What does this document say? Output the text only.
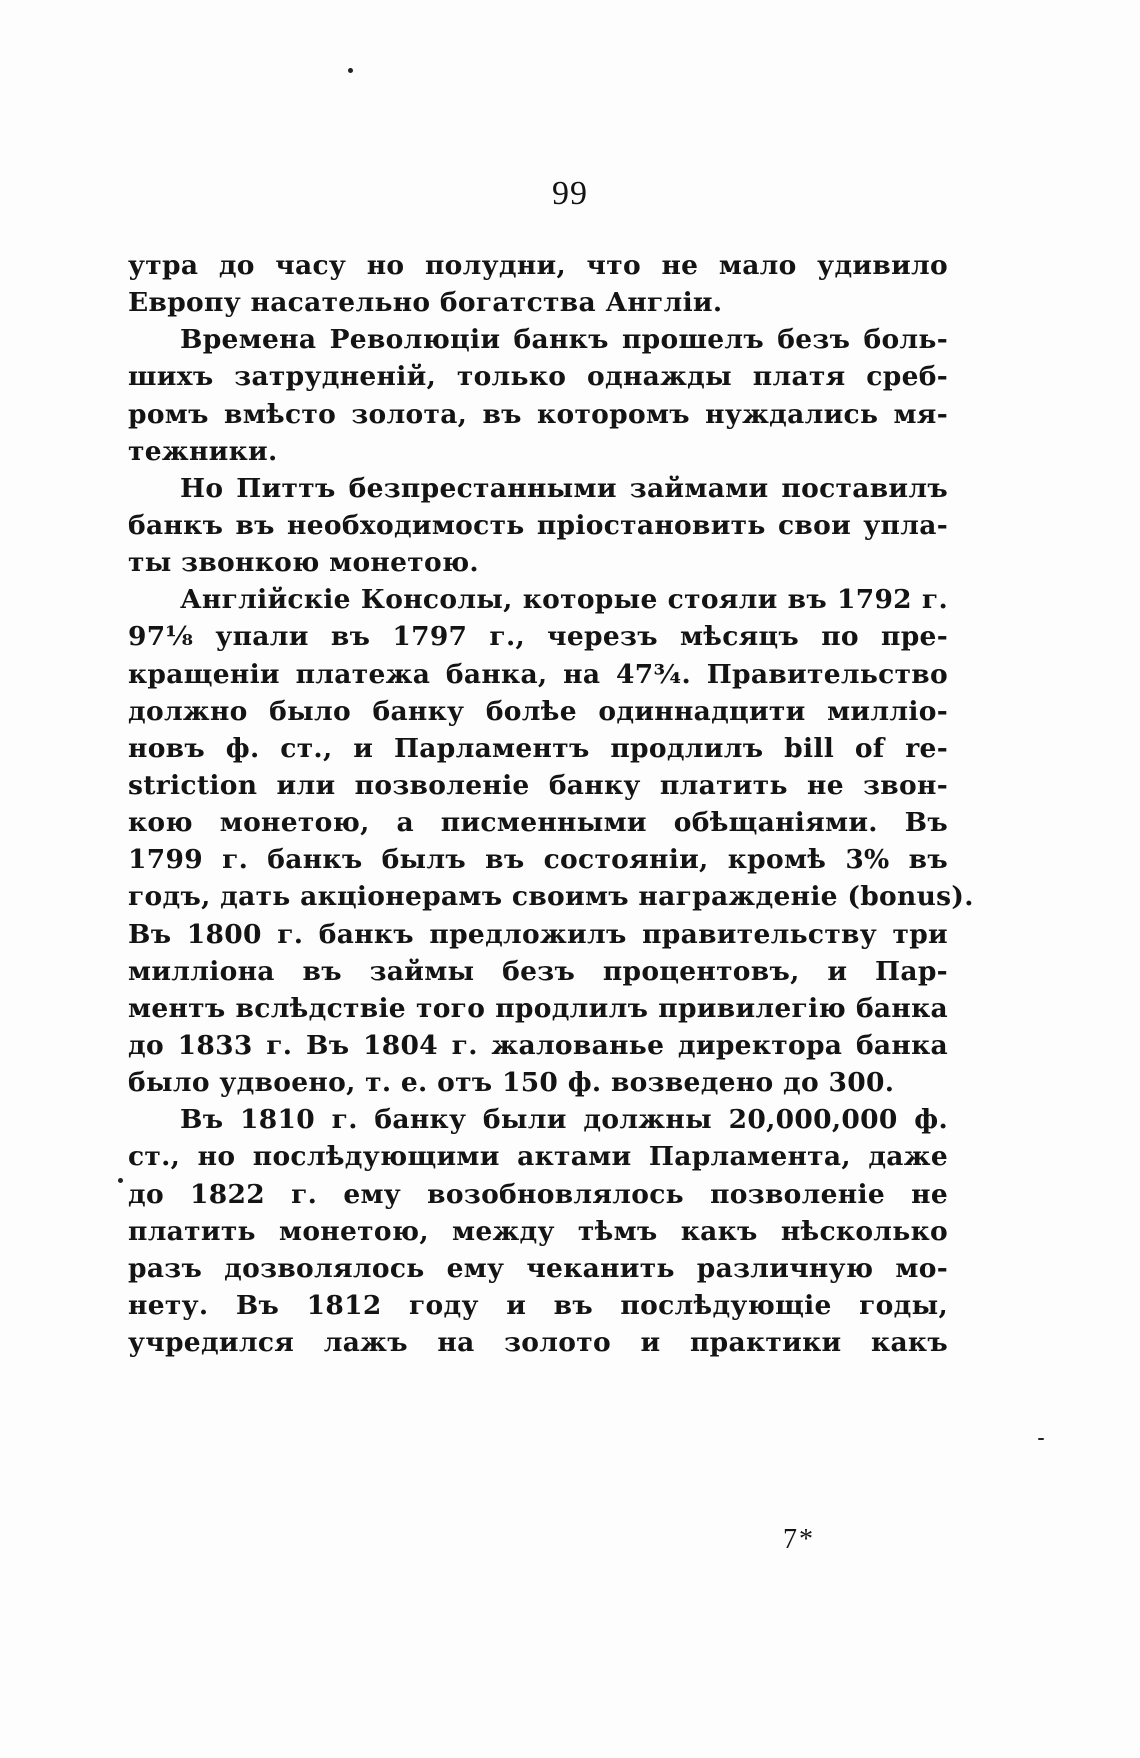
99
утра до часу но полудни, что не мало удивило
Европу насательно богатства Англіи.
Времена Революціи банкъ прошелъ безъ боль-
шихъ затрудненій, только однажды платя среб-
ромъ вмѣсто золота, въ которомъ нуждались мя-
тежники.
Но Питтъ безпрестанными займами поставилъ
банкъ въ необходимость пріостановить свои упла-
ты звонкою монетою.
Англійскіе Консолы, которые стояли въ 1792 г.
97⅛ упали въ 1797 г., черезъ мѣсяцъ по пре-
кращеніи платежа банка, на 47¾. Правительство
должно было банку болѣе одиннадцити милліо-
новъ ф. ст., и Парламентъ продлилъ bill of re-
striction или позволеніе банку платить не звон-
кою монетою, а писменными обѣщаніями. Въ
1799 г. банкъ былъ въ состояніи, кромѣ 3% въ
годъ, дать акціонерамъ своимъ награжденіе (bonus).
Въ 1800 г. банкъ предложилъ правительству три
милліона въ займы безъ процентовъ, и Пар-
ментъ вслѣдствіе того продлилъ привилегію банка
до 1833 г. Въ 1804 г. жалованье директора банка
было удвоено, т. е. отъ 150 ф. возведено до 300.
Въ 1810 г. банку были должны 20,000,000 ф.
ст., но послѣдующими актами Парламента, даже
до 1822 г. ему возобновлялось позволеніе не
платить монетою, между тѣмъ какъ нѣсколько
разъ дозволялось ему чеканить различную мо-
нету. Въ 1812 году и въ послѣдующіе годы,
учредился лажъ на золото и практики какъ
7*
